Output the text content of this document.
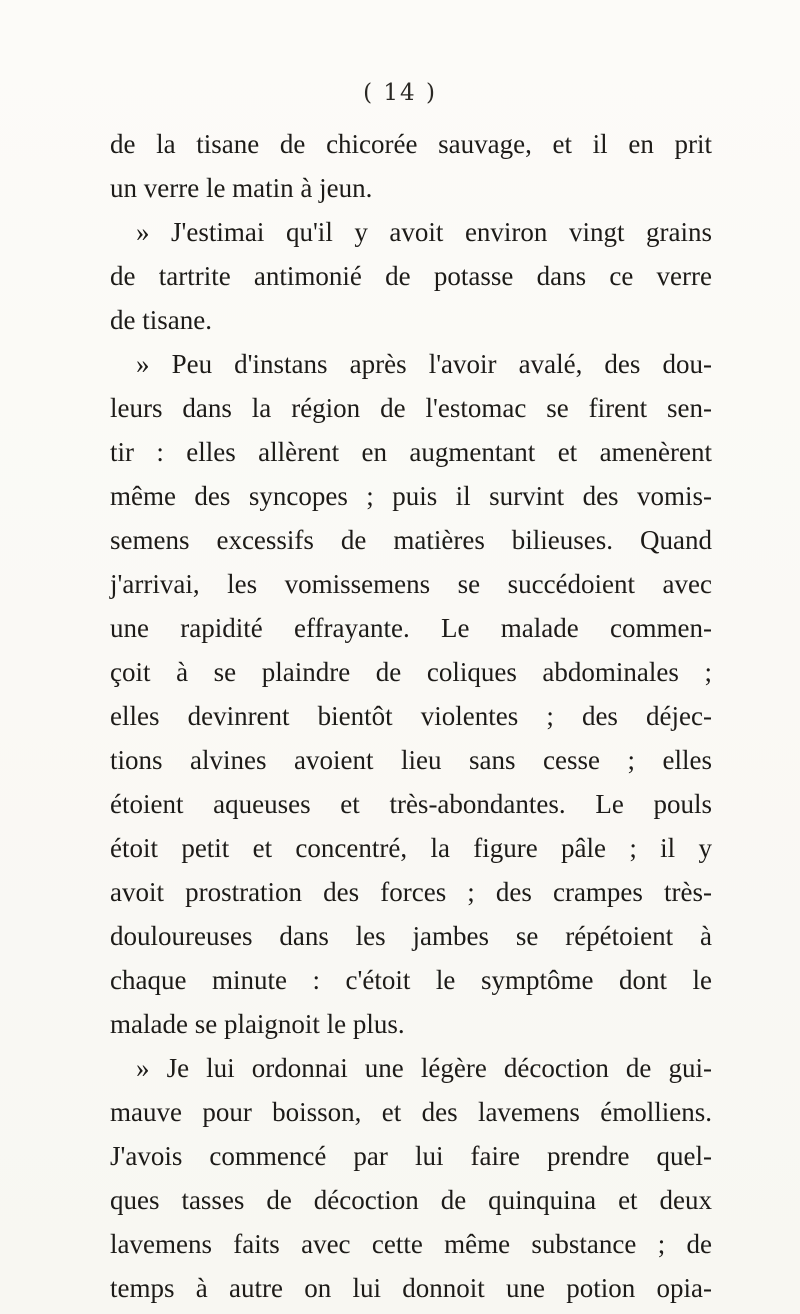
( 14 )
de la tisane de chicorée sauvage, et il en prit
un verre le matin à jeun.
» J'estimai qu'il y avoit environ vingt grains
de tartrite antimonié de potasse dans ce verre
de tisane.
» Peu d'instans après l'avoir avalé, des dou-
leurs dans la région de l'estomac se firent sen-
tir : elles allèrent en augmentant et amenèrent
même des syncopes ; puis il survint des vomis-
semens excessifs de matières bilieuses. Quand
j'arrivai, les vomissemens se succédoient avec
une rapidité effrayante. Le malade commen-
çoit à se plaindre de coliques abdominales ;
elles devinrent bientôt violentes ; des déjec-
tions alvines avoient lieu sans cesse ; elles
étoient aqueuses et très-abondantes. Le pouls
étoit petit et concentré, la figure pâle ; il y
avoit prostration des forces ; des crampes très-
douloureuses dans les jambes se répétoient à
chaque minute : c'étoit le symptôme dont le
malade se plaignoit le plus.
» Je lui ordonnai une légère décoction de gui-
mauve pour boisson, et des lavemens émolliens.
J'avois commencé par lui faire prendre quel-
ques tasses de décoction de quinquina et deux
lavemens faits avec cette même substance ; de
temps à autre on lui donnoit une potion opia-
